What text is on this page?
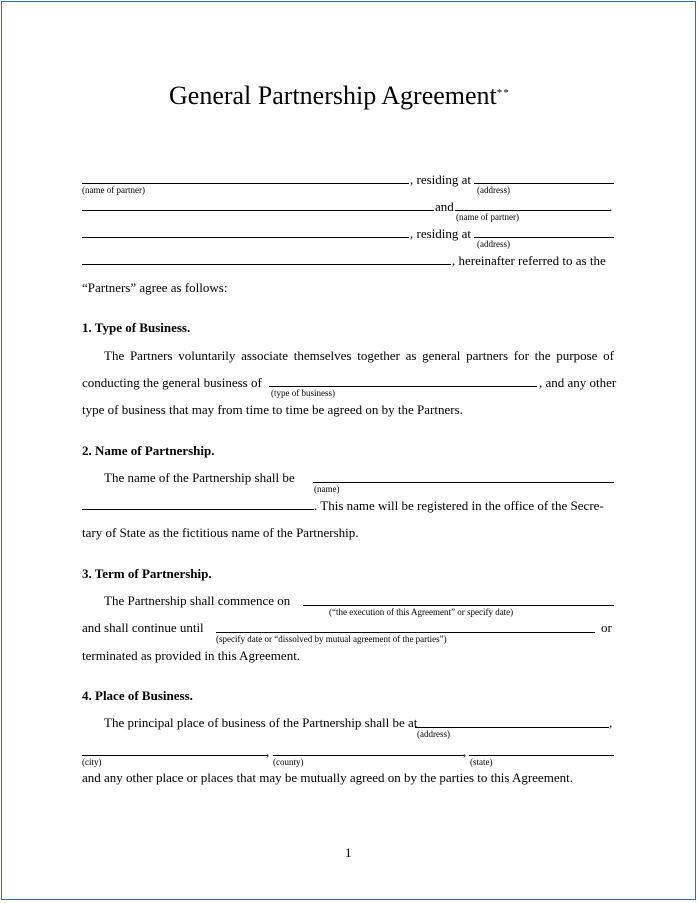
General Partnership Agreement**
, residing at
(name of partner)	(address)
and	.
(name of partner)
, residing at
(address)
, hereinafter referred to as the
“Partners” agree as follows:
1. Type of Business.
The Partners voluntarily associate themselves together as general partners for the purpose of
conducting the general business of	, and any other
(type of business)
type of business that may from time to time be agreed on by the Partners.
2. Name of Partnership.
The name of the Partnership shall be
(name)
. This name will be registered in the office of the Secre-
tary of State as the fictitious name of the Partnership.
3. Term of Partnership.
The Partnership shall commence on
(“the execution of this Agreement” or specify date)
and shall continue until	or
(specify date or “dissolved by mutual agreement of the parties”)
terminated as provided in this Agreement.
4. Place of Business.
The principal place of business of the Partnership shall be at	,
(address)
,	,
(city)	(county)	(state)
and any other place or places that may be mutually agreed on by the parties to this Agreement.
1
